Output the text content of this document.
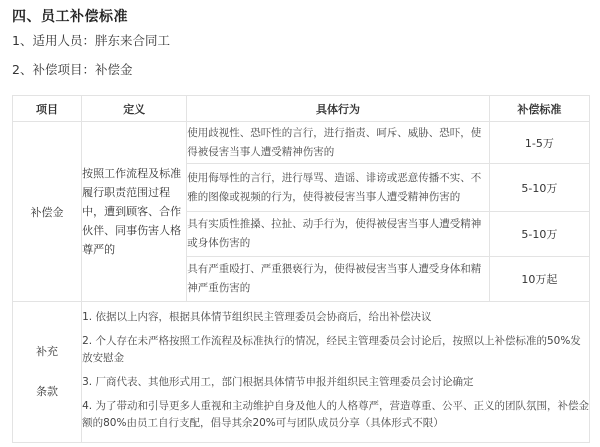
四、员工补偿标准
1、适用人员：胖东来合同工
2、补偿项目：补偿金
项目	定义	具体行为	补偿标准
补偿金	按照工作流程及标准履行职责范围过程中，遭到顾客、合作伙伴、同事伤害人格尊严的	使用歧视性、恐吓性的言行，进行指责、呵斥、威胁、恐吓，使得被侵害当事人遭受精神伤害的	1-5万
		使用侮辱性的言行，进行辱骂、造谣、诽谤或恶意传播不实、不雅的图像或视频的行为，使得被侵害当事人遭受精神伤害的	5-10万
		具有实质性推搡、拉扯、动手行为，使得被侵害当事人遭受精神或身体伤害的	5-10万
		具有严重殴打、严重猥亵行为，使得被侵害当事人遭受身体和精神严重伤害的	10万起

补充
条款

1. 依据以上内容，根据具体情节组织民主管理委员会协商后，给出补偿决议

2. 个人存在未严格按照工作流程及标准执行的情况，经民主管理委员会讨论后，按照以上补偿标准的50%发放安慰金

3. 厂商代表、其他形式用工，部门根据具体情节申报并组织民主管理委员会讨论确定

4. 为了带动和引导更多人重视和主动维护自身及他人的人格尊严，营造尊重、公平、正义的团队氛围，补偿金额的80%由员工自行支配，倡导其余20%可与团队成员分享（具体形式不限）
